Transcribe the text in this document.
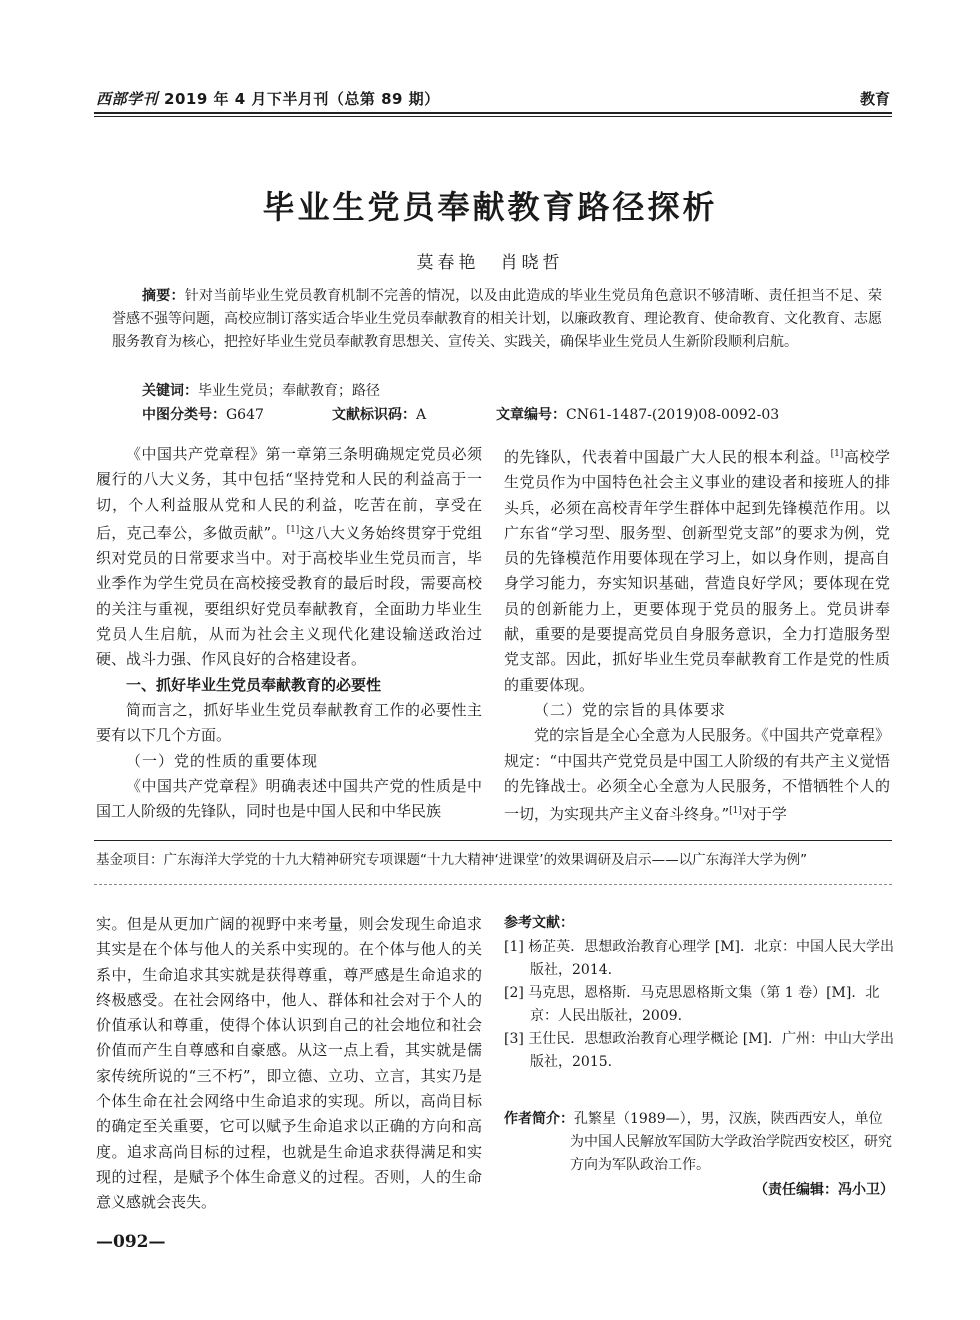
西部学刊 2019 年 4 月下半月刊（总第 89 期）	教育
毕业生党员奉献教育路径探析
莫春艳　肖晓哲
摘要：针对当前毕业生党员教育机制不完善的情况，以及由此造成的毕业生党员角色意识不够清晰、责任担当不足、荣誉感不强等问题，高校应制订落实适合毕业生党员奉献教育的相关计划，以廉政教育、理论教育、使命教育、文化教育、志愿服务教育为核心，把控好毕业生党员奉献教育思想关、宣传关、实践关，确保毕业生党员人生新阶段顺利启航。
关键词：毕业生党员；奉献教育；路径
中图分类号：G647	文献标识码：A	文章编号：CN61-1487-(2019)08-0092-03

《中国共产党章程》第一章第三条明确规定党员必须履行的八大义务，其中包括“坚持党和人民的利益高于一切，个人利益服从党和人民的利益，吃苦在前，享受在后，克己奉公，多做贡献”。[1]这八大义务始终贯穿于党组织对党员的日常要求当中。对于高校毕业生党员而言，毕业季作为学生党员在高校接受教育的最后时段，需要高校的关注与重视，要组织好党员奉献教育，全面助力毕业生党员人生启航，从而为社会主义现代化建设输送政治过硬、战斗力强、作风良好的合格建设者。

一、抓好毕业生党员奉献教育的必要性

简而言之，抓好毕业生党员奉献教育工作的必要性主要有以下几个方面。

（一）党的性质的重要体现

《中国共产党章程》明确表述中国共产党的性质是中国工人阶级的先锋队，同时也是中国人民和中华民族

的先锋队，代表着中国最广大人民的根本利益。[1]高校学生党员作为中国特色社会主义事业的建设者和接班人的排头兵，必须在高校青年学生群体中起到先锋模范作用。以广东省“学习型、服务型、创新型党支部”的要求为例，党员的先锋模范作用要体现在学习上，如以身作则，提高自身学习能力，夯实知识基础，营造良好学风；要体现在党员的创新能力上，更要体现于党员的服务上。党员讲奉献，重要的是要提高党员自身服务意识，全力打造服务型党支部。因此，抓好毕业生党员奉献教育工作是党的性质的重要体现。

（二）党的宗旨的具体要求

党的宗旨是全心全意为人民服务。《中国共产党章程》规定：“中国共产党党员是中国工人阶级的有共产主义觉悟的先锋战士。必须全心全意为人民服务，不惜牺牲个人的一切，为实现共产主义奋斗终身。”[1]对于学

基金项目：广东海洋大学党的十九大精神研究专项课题“十九大精神‘进课堂’的效果调研及启示——以广东海洋大学为例”

实。但是从更加广阔的视野中来考量，则会发现生命追求其实是在个体与他人的关系中实现的。在个体与他人的关系中，生命追求其实就是获得尊重，尊严感是生命追求的终极感受。在社会网络中，他人、群体和社会对于个人的价值承认和尊重，使得个体认识到自己的社会地位和社会价值而产生自尊感和自豪感。从这一点上看，其实就是儒家传统所说的“三不朽”，即立德、立功、立言，其实乃是个体生命在社会网络中生命追求的实现。所以，高尚目标的确定至关重要，它可以赋予生命追求以正确的方向和高度。追求高尚目标的过程，也就是生命追求获得满足和实现的过程，是赋予个体生命意义的过程。否则，人的生命意义感就会丧失。

参考文献：

[1] 杨芷英．思想政治教育心理学 [M]．北京：中国人民大学出版社，2014.

[2] 马克思，恩格斯．马克思恩格斯文集（第 1 卷）[M]．北京：人民出版社，2009.

[3] 王仕民．思想政治教育心理学概论 [M]．广州：中山大学出版社，2015.

作者简介：孔繁星（1989—），男，汉族，陕西西安人，单位为中国人民解放军国防大学政治学院西安校区，研究方向为军队政治工作。
（责任编辑：冯小卫）
—092—
